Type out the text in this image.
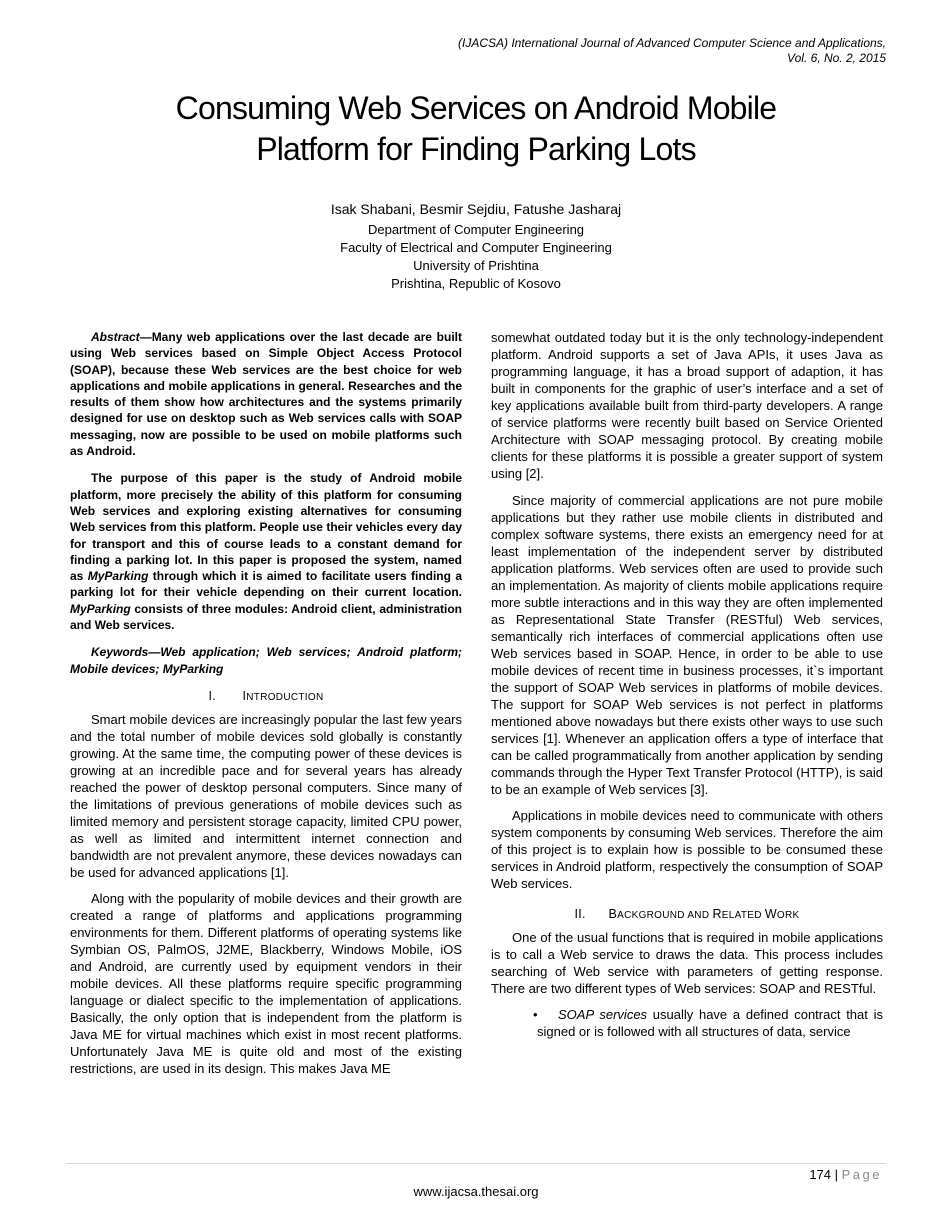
(IJACSA) International Journal of Advanced Computer Science and Applications,
Vol. 6, No. 2, 2015
Consuming Web Services on Android Mobile
Platform for Finding Parking Lots
Isak Shabani, Besmir Sejdiu, Fatushe Jasharaj
Department of Computer Engineering
Faculty of Electrical and Computer Engineering
University of Prishtina
Prishtina, Republic of Kosovo

Abstract—Many web applications over the last decade are built using Web services based on Simple Object Access Protocol (SOAP), because these Web services are the best choice for web applications and mobile applications in general. Researches and the results of them show how architectures and the systems primarily designed for use on desktop such as Web services calls with SOAP messaging, now are possible to be used on mobile platforms such as Android.

The purpose of this paper is the study of Android mobile platform, more precisely the ability of this platform for consuming Web services and exploring existing alternatives for consuming Web services from this platform. People use their vehicles every day for transport and this of course leads to a constant demand for finding a parking lot. In this paper is proposed the system, named as MyParking through which it is aimed to facilitate users finding a parking lot for their vehicle depending on their current location. MyParking consists of three modules: Android client, administration and Web services.

Keywords—Web application; Web services; Android platform; Mobile devices; MyParking

I. INTRODUCTION

Smart mobile devices are increasingly popular the last few years and the total number of mobile devices sold globally is constantly growing. At the same time, the computing power of these devices is growing at an incredible pace and for several years has already reached the power of desktop personal computers. Since many of the limitations of previous generations of mobile devices such as limited memory and persistent storage capacity, limited CPU power, as well as limited and intermittent internet connection and bandwidth are not prevalent anymore, these devices nowadays can be used for advanced applications [1].

Along with the popularity of mobile devices and their growth are created a range of platforms and applications programming environments for them. Different platforms of operating systems like Symbian OS, PalmOS, J2ME, Blackberry, Windows Mobile, iOS and Android, are currently used by equipment vendors in their mobile devices. All these platforms require specific programming language or dialect specific to the implementation of applications. Basically, the only option that is independent from the platform is Java ME for virtual machines which exist in most recent platforms. Unfortunately Java ME is quite old and most of the existing restrictions, are used in its design. This makes Java ME

somewhat outdated today but it is the only technology-independent platform. Android supports a set of Java APIs, it uses Java as programming language, it has a broad support of adaption, it has built in components for the graphic of user’s interface and a set of key applications available built from third-party developers. A range of service platforms were recently built based on Service Oriented Architecture with SOAP messaging protocol. By creating mobile clients for these platforms it is possible a greater support of system using [2].

Since majority of commercial applications are not pure mobile applications but they rather use mobile clients in distributed and complex software systems, there exists an emergency need for at least implementation of the independent server by distributed application platforms. Web services often are used to provide such an implementation. As majority of clients mobile applications require more subtle interactions and in this way they are often implemented as Representational State Transfer (RESTful) Web services, semantically rich interfaces of commercial applications often use Web services based in SOAP. Hence, in order to be able to use mobile devices of recent time in business processes, it`s important the support of SOAP Web services in platforms of mobile devices. The support for SOAP Web services is not perfect in platforms mentioned above nowadays but there exists other ways to use such services [1]. Whenever an application offers a type of interface that can be called programmatically from another application by sending commands through the Hyper Text Transfer Protocol (HTTP), is said to be an example of Web services [3].

Applications in mobile devices need to communicate with others system components by consuming Web services. Therefore the aim of this project is to explain how is possible to be consumed these services in Android platform, respectively the consumption of SOAP Web services.

II. BACKGROUND AND RELATED WORK

One of the usual functions that is required in mobile applications is to call a Web service to draws the data. This process includes searching of Web service with parameters of getting response. There are two different types of Web services: SOAP and RESTful.

• SOAP services usually have a defined contract that is signed or is followed with all structures of data, service

174 | Page
www.ijacsa.thesai.org
